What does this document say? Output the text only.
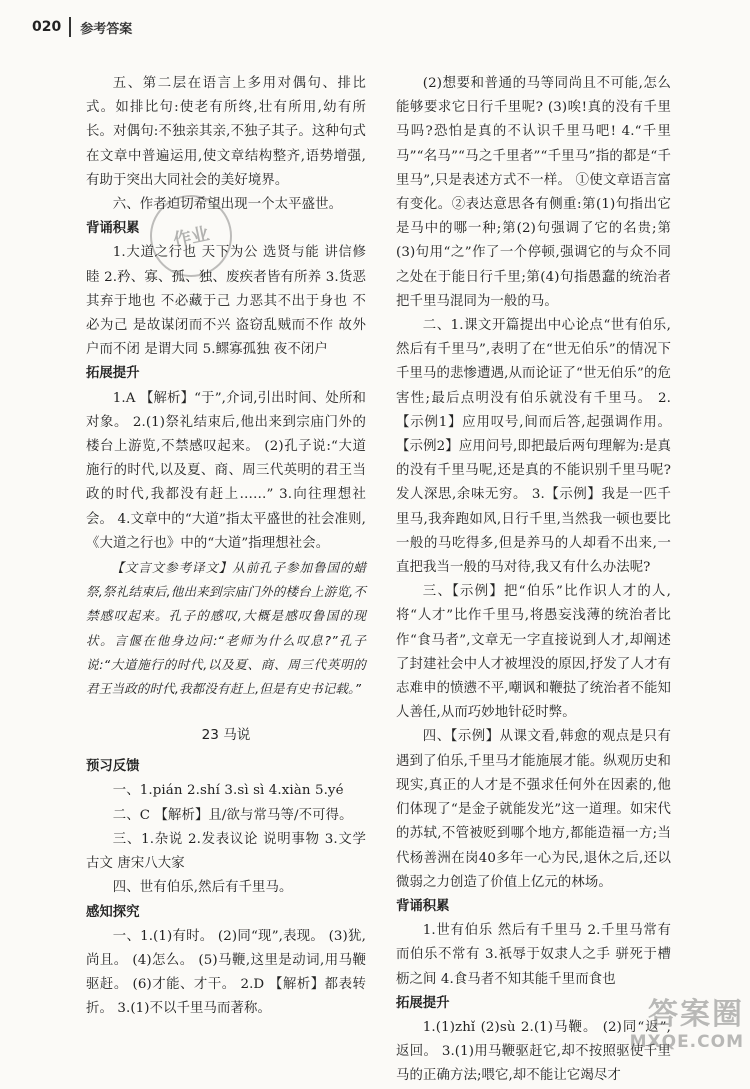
020 参考答案

五、第二层在语言上多用对偶句、排比式。如排比句:使老有所终,壮有所用,幼有所长。对偶句:不独亲其亲,不独子其子。这种句式在文章中普遍运用,使文章结构整齐,语势增强,有助于突出大同社会的美好境界。

六、作者迫切希望出现一个太平盛世。

背诵积累

1.大道之行也 天下为公 选贤与能 讲信修睦 2.矜、寡、孤、独、废疾者皆有所养 3.货恶其弃于地也 不必藏于己 力恶其不出于身也 不必为己 是故谋闭而不兴 盗窃乱贼而不作 故外户而不闭 是谓大同 5.鳏寡孤独 夜不闭户

拓展提升

1.A 【解析】“于”,介词,引出时间、处所和对象。 2.(1)祭礼结束后,他出来到宗庙门外的楼台上游览,不禁感叹起来。 (2)孔子说:“大道施行的时代,以及夏、商、周三代英明的君王当政的时代,我都没有赶上……” 3.向往理想社会。 4.文章中的“大道”指太平盛世的社会准则,《大道之行也》中的“大道”指理想社会。

【文言文参考译文】从前孔子参加鲁国的蜡祭,祭礼结束后,他出来到宗庙门外的楼台上游览,不禁感叹起来。孔子的感叹,大概是感叹鲁国的现状。言偃在他身边问:“老师为什么叹息?”孔子说:“大道施行的时代,以及夏、商、周三代英明的君王当政的时代,我都没有赶上,但是有史书记载。”

23 马说
预习反馈

一、1.pián 2.shí 3.sì sì 4.xiàn 5.yé

二、C 【解析】且/欲与常马等/不可得。

三、1.杂说 2.发表议论 说明事物 3.文学 古文 唐宋八大家

四、世有伯乐,然后有千里马。

感知探究

一、1.(1)有时。 (2)同“现”,表现。 (3)犹,尚且。 (4)怎么。 (5)马鞭,这里是动词,用马鞭驱赶。 (6)才能、才干。 2.D 【解析】都表转折。 3.(1)不以千里马而著称。

(2)想要和普通的马等同尚且不可能,怎么能够要求它日行千里呢? (3)唉!真的没有千里马吗?恐怕是真的不认识千里马吧! 4.“千里马”“名马”“马之千里者”“千里马”指的都是“千里马”,只是表述方式不一样。 ①使文章语言富有变化。②表达意思各有侧重:第(1)句指出它是马中的哪一种;第(2)句强调了它的名贵;第(3)句用“之”作了一个停顿,强调它的与众不同之处在于能日行千里;第(4)句指愚蠢的统治者把千里马混同为一般的马。

二、1.课文开篇提出中心论点“世有伯乐,然后有千里马”,表明了在“世无伯乐”的情况下千里马的悲惨遭遇,从而论证了“世无伯乐”的危害性;最后点明没有伯乐就没有千里马。 2.【示例1】应用叹号,间而后答,起强调作用。 【示例2】应用问号,即把最后两句理解为:是真的没有千里马呢,还是真的不能识别千里马呢?发人深思,余味无穷。 3.【示例】我是一匹千里马,我奔跑如风,日行千里,当然我一顿也要比一般的马吃得多,但是养马的人却看不出来,一直把我当一般的马对待,我又有什么办法呢?

三、【示例】把“伯乐”比作识人才的人,将“人才”比作千里马,将愚妄浅薄的统治者比作“食马者”,文章无一字直接说到人才,却阐述了封建社会中人才被埋没的原因,抒发了人才有志难申的愤懑不平,嘲讽和鞭挞了统治者不能知人善任,从而巧妙地针砭时弊。

四、【示例】从课文看,韩愈的观点是只有遇到了伯乐,千里马才能施展才能。纵观历史和现实,真正的人才是不强求任何外在因素的,他们体现了“是金子就能发光”这一道理。如宋代的苏轼,不管被贬到哪个地方,都能造福一方;当代杨善洲在岗40多年一心为民,退休之后,还以微弱之力创造了价值上亿元的林场。

背诵积累

1.世有伯乐 然后有千里马 2.千里马常有 而伯乐不常有 3.祇辱于奴隶人之手 骈死于槽枥之间 4.食马者不知其能千里而食也

拓展提升

1.(1)zhǐ (2)sù 2.(1)马鞭。 (2)同“返”,返回。 3.(1)用马鞭驱赶它,却不按照驱使千里马的正确方法;喂它,却不能让它竭尽才

作业
答案圈
MXQE.COM
